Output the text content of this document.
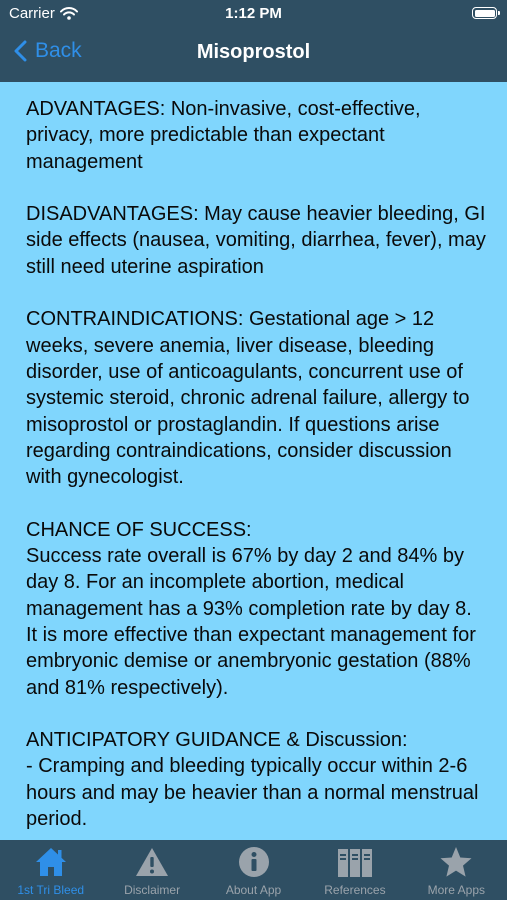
Carrier	1:12 PM
Back	Misoprostol

ADVANTAGES: Non-invasive, cost-effective, privacy, more predictable than expectant management

DISADVANTAGES: May cause heavier bleeding, GI side effects (nausea, vomiting, diarrhea, fever), may still need uterine aspiration

CONTRAINDICATIONS: Gestational age > 12 weeks, severe anemia, liver disease, bleeding disorder, use of anticoagulants, concurrent use of systemic steroid, chronic adrenal failure, allergy to misoprostol or prostaglandin. If questions arise regarding contraindications, consider discussion with gynecologist.

CHANCE OF SUCCESS:
Success rate overall is 67% by day 2 and 84% by day 8. For an incomplete abortion, medical management has a 93% completion rate by day 8. It is more effective than expectant management for embryonic demise or anembryonic gestation (88% and 81% respectively).

ANTICIPATORY GUIDANCE & Discussion:
- Cramping and bleeding typically occur within 2-6 hours and may be heavier than a normal menstrual period.

1st Tri Bleed	Disclaimer	About App	References	More Apps
